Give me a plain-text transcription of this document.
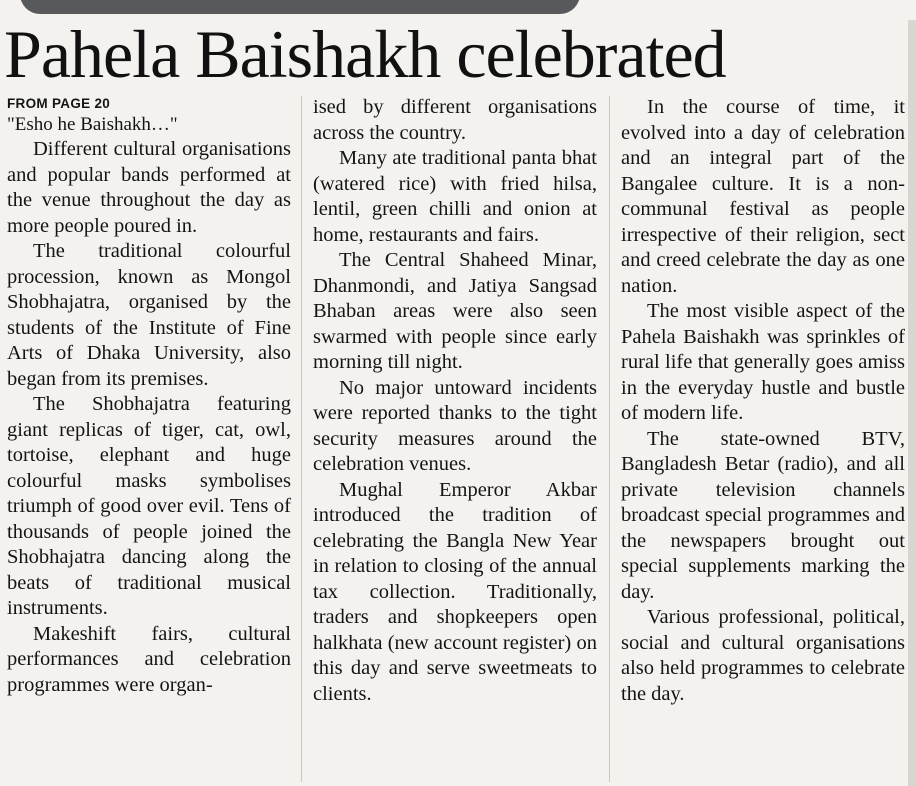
Pahela Baishakh celebrated
FROM PAGE 20

"Esho he Baishakh…"

Different cultural organisations and popular bands performed at the venue throughout the day as more people poured in.

The traditional colourful procession, known as Mongol Shobhajatra, organised by the students of the Institute of Fine Arts of Dhaka University, also began from its premises.

The Shobhajatra featuring giant replicas of tiger, cat, owl, tortoise, elephant and huge colourful masks symbolises triumph of good over evil. Tens of thousands of people joined the Shobhajatra dancing along the beats of traditional musical instruments.

Makeshift fairs, cultural performances and celebration programmes were organ-

ised by different organisations across the country.

Many ate traditional panta bhat (watered rice) with fried hilsa, lentil, green chilli and onion at home, restaurants and fairs.

The Central Shaheed Minar, Dhanmondi, and Jatiya Sangsad Bhaban areas were also seen swarmed with people since early morning till night.

No major untoward incidents were reported thanks to the tight security measures around the celebration venues.

Mughal Emperor Akbar introduced the tradition of celebrating the Bangla New Year in relation to closing of the annual tax collection. Traditionally, traders and shopkeepers open halkhata (new account register) on this day and serve sweetmeats to clients.

In the course of time, it evolved into a day of celebration and an integral part of the Bangalee culture. It is a non-communal festival as people irrespective of their religion, sect and creed celebrate the day as one nation.

The most visible aspect of the Pahela Baishakh was sprinkles of rural life that generally goes amiss in the everyday hustle and bustle of modern life.

The state-owned BTV, Bangladesh Betar (radio), and all private television channels broadcast special programmes and the newspapers brought out special supplements marking the day.

Various professional, political, social and cultural organisations also held programmes to celebrate the day.
